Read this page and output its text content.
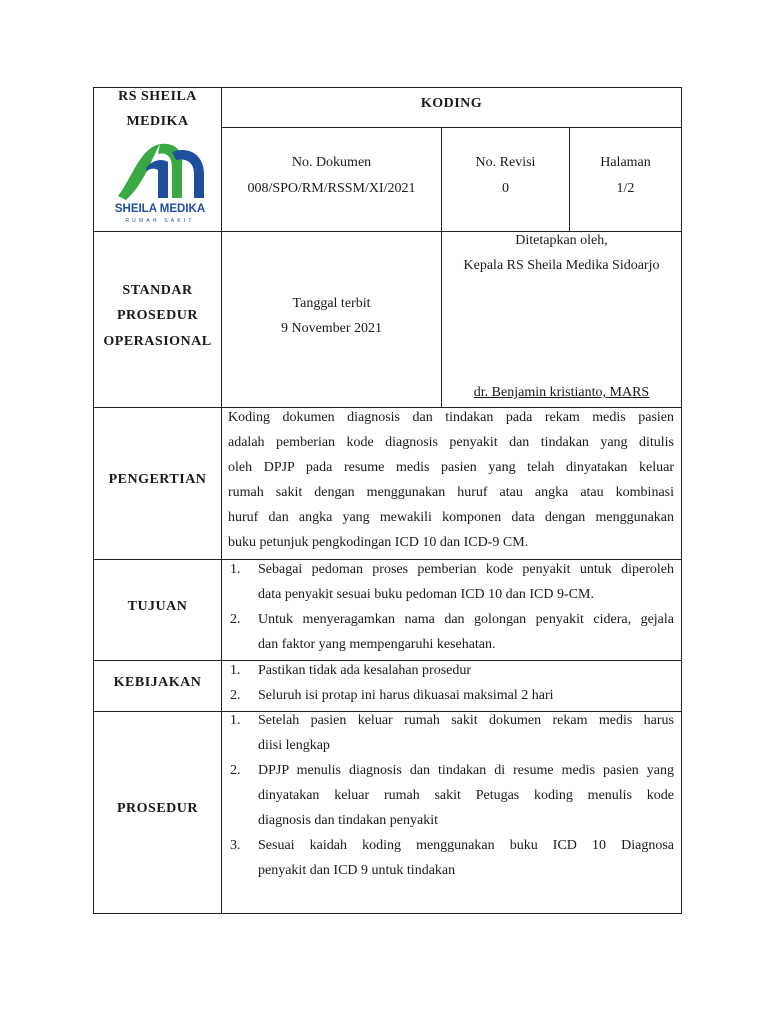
RS SHEILA
MEDIKA
SHEILA MEDIKA
RUMAH SAKIT
KODING
No. Dokumen
008/SPO/RM/RSSM/XI/2021
No. Revisi
0
Halaman
1/2
STANDAR
PROSEDUR
OPERASIONAL
Tanggal terbit
9 November 2021
Ditetapkan oleh,
Kepala RS Sheila Medika Sidoarjo
dr. Benjamin kristianto, MARS
PENGERTIAN
Koding dokumen diagnosis dan tindakan pada rekam medis pasien
adalah pemberian kode diagnosis penyakit dan tindakan yang ditulis
oleh DPJP pada resume medis pasien yang telah dinyatakan keluar
rumah sakit dengan menggunakan huruf atau angka atau kombinasi
huruf dan angka yang mewakili komponen data dengan menggunakan
buku petunjuk pengkodingan ICD 10 dan ICD-9 CM.
TUJUAN
1. Sebagai pedoman proses pemberian kode penyakit untuk diperoleh
data penyakit sesuai buku pedoman ICD 10 dan ICD 9-CM.
2. Untuk menyeragamkan nama dan golongan penyakit cidera, gejala
dan faktor yang mempengaruhi kesehatan.
KEBIJAKAN
1. Pastikan tidak ada kesalahan prosedur
2. Seluruh isi protap ini harus dikuasai maksimal 2 hari
PROSEDUR
1. Setelah pasien keluar rumah sakit dokumen rekam medis harus
diisi lengkap
2. DPJP menulis diagnosis dan tindakan di resume medis pasien yang
dinyatakan keluar rumah sakit Petugas koding menulis kode
diagnosis dan tindakan penyakit
3. Sesuai kaidah koding menggunakan buku ICD 10 Diagnosa
penyakit dan ICD 9 untuk tindakan
